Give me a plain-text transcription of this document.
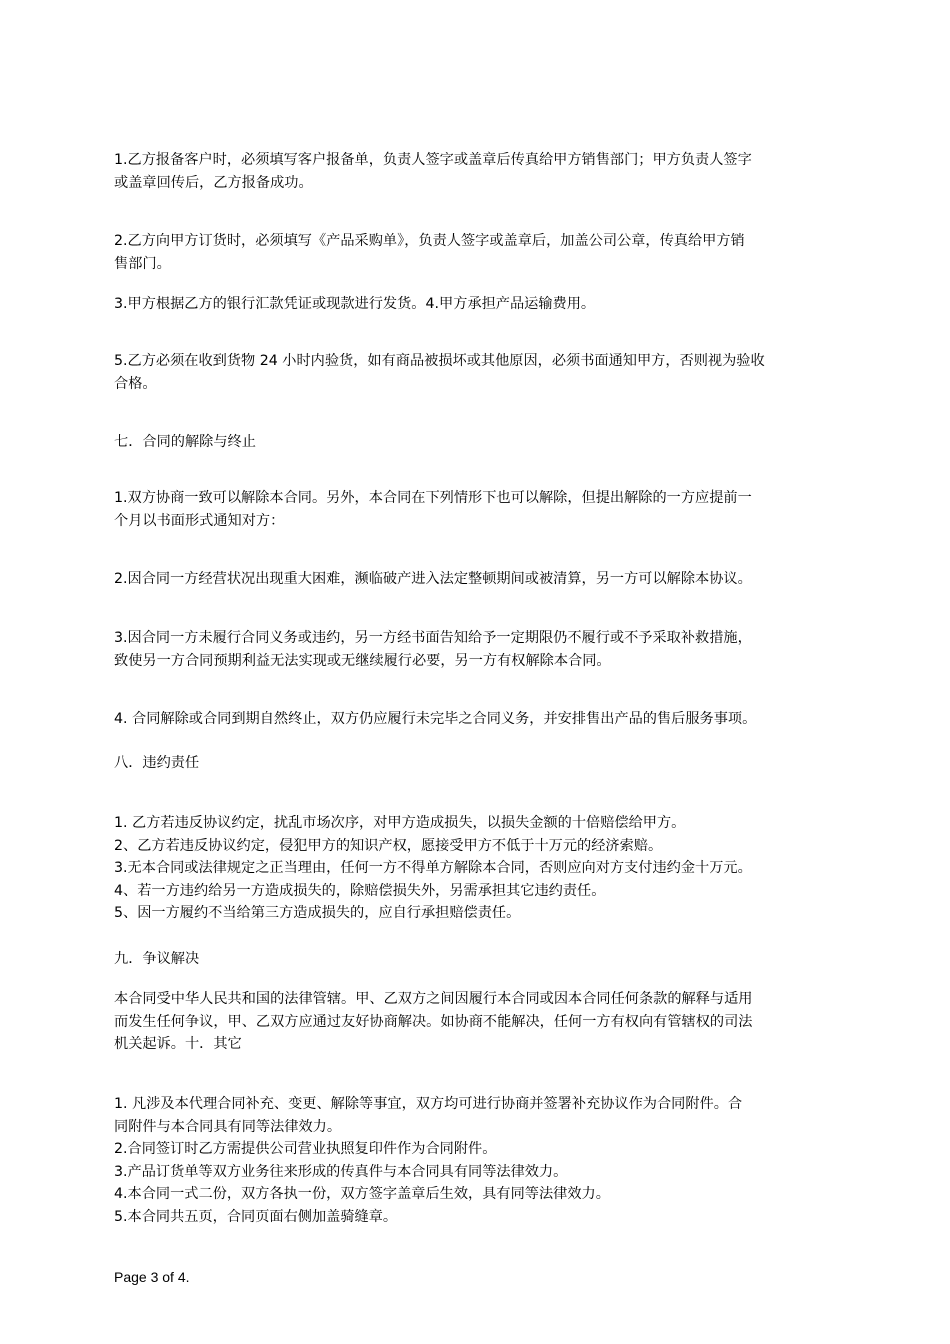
1.乙方报备客户时，必须填写客户报备单，负责人签字或盖章后传真给甲方销售部门；甲方负责人签字
或盖章回传后，乙方报备成功。
2.乙方向甲方订货时，必须填写《产品采购单》，负责人签字或盖章后，加盖公司公章，传真给甲方销
售部门。
3.甲方根据乙方的银行汇款凭证或现款进行发货。4.甲方承担产品运输费用。
5.乙方必须在收到货物 24 小时内验货，如有商品被损坏或其他原因，必须书面通知甲方，否则视为验收
合格。
七．合同的解除与终止
1.双方协商一致可以解除本合同。另外，本合同在下列情形下也可以解除，但提出解除的一方应提前一
个月以书面形式通知对方：
2.因合同一方经营状况出现重大困难，濒临破产进入法定整顿期间或被清算，另一方可以解除本协议。
3.因合同一方未履行合同义务或违约，另一方经书面告知给予一定期限仍不履行或不予采取补救措施，
致使另一方合同预期利益无法实现或无继续履行必要，另一方有权解除本合同。
4. 合同解除或合同到期自然终止，双方仍应履行未完毕之合同义务，并安排售出产品的售后服务事项。
八．违约责任
1. 乙方若违反协议约定，扰乱市场次序，对甲方造成损失，以损失金额的十倍赔偿给甲方。
2、乙方若违反协议约定，侵犯甲方的知识产权，愿接受甲方不低于十万元的经济索赔。
3.无本合同或法律规定之正当理由，任何一方不得单方解除本合同，否则应向对方支付违约金十万元。
4、若一方违约给另一方造成损失的，除赔偿损失外，另需承担其它违约责任。
5、因一方履约不当给第三方造成损失的，应自行承担赔偿责任。
九．争议解决
本合同受中华人民共和国的法律管辖。甲、乙双方之间因履行本合同或因本合同任何条款的解释与适用
而发生任何争议，甲、乙双方应通过友好协商解决。如协商不能解决，任何一方有权向有管辖权的司法
机关起诉。十．其它
1. 凡涉及本代理合同补充、变更、解除等事宜，双方均可进行协商并签署补充协议作为合同附件。合
同附件与本合同具有同等法律效力。
2.合同签订时乙方需提供公司营业执照复印件作为合同附件。
3.产品订货单等双方业务往来形成的传真件与本合同具有同等法律效力。
4.本合同一式二份，双方各执一份，双方签字盖章后生效，具有同等法律效力。
5.本合同共五页，合同页面右侧加盖骑缝章。
Page 3 of 4.
